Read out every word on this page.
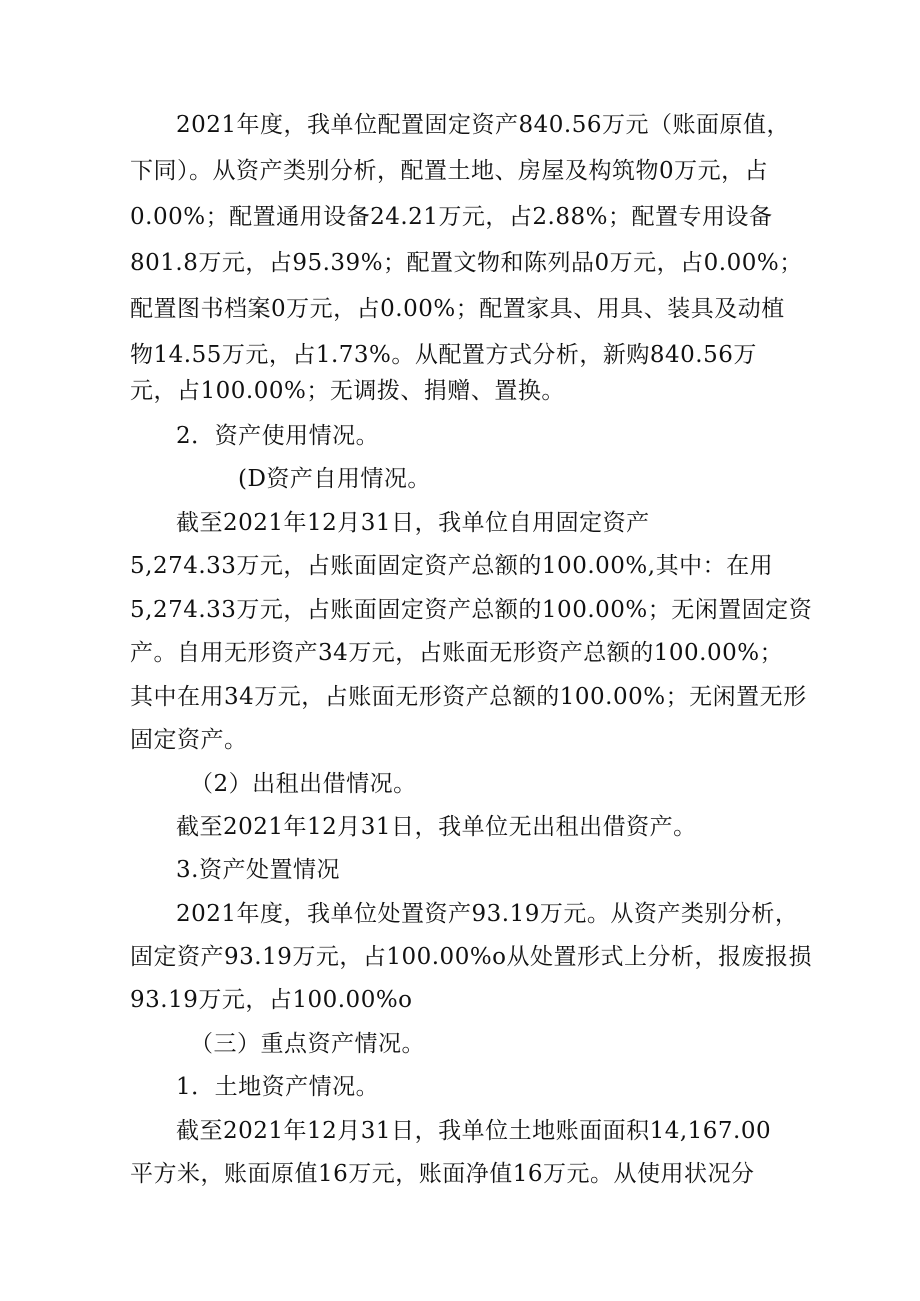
2021年度，我单位配置固定资产840.56万元（账面原值，
下同）。从资产类别分析，配置土地、房屋及构筑物0万元，占
0.00%；配置通用设备24.21万元，占2.88%；配置专用设备
801.8万元，占95.39%；配置文物和陈列品0万元，占0.00%；
配置图书档案0万元，占0.00%；配置家具、用具、装具及动植
物14.55万元，占1.73%。从配置方式分析，新购840.56万
元，占100.00%；无调拨、捐赠、置换。
2．资产使用情况。
(D资产自用情况。
截至2021年12月31日，我单位自用固定资产
5,274.33万元，占账面固定资产总额的100.00%,其中：在用
5,274.33万元，占账面固定资产总额的100.00%；无闲置固定资
产。自用无形资产34万元，占账面无形资产总额的100.00%；
其中在用34万元，占账面无形资产总额的100.00%；无闲置无形
固定资产。
（2）出租出借情况。
截至2021年12月31日，我单位无出租出借资产。
3.资产处置情况
2021年度，我单位处置资产93.19万元。从资产类别分析，
固定资产93.19万元，占100.00%o从处置形式上分析，报废报损
93.19万元，占100.00%o
（三）重点资产情况。
1．土地资产情况。
截至2021年12月31日，我单位土地账面面积14,167.00
平方米，账面原值16万元，账面净值16万元。从使用状况分
